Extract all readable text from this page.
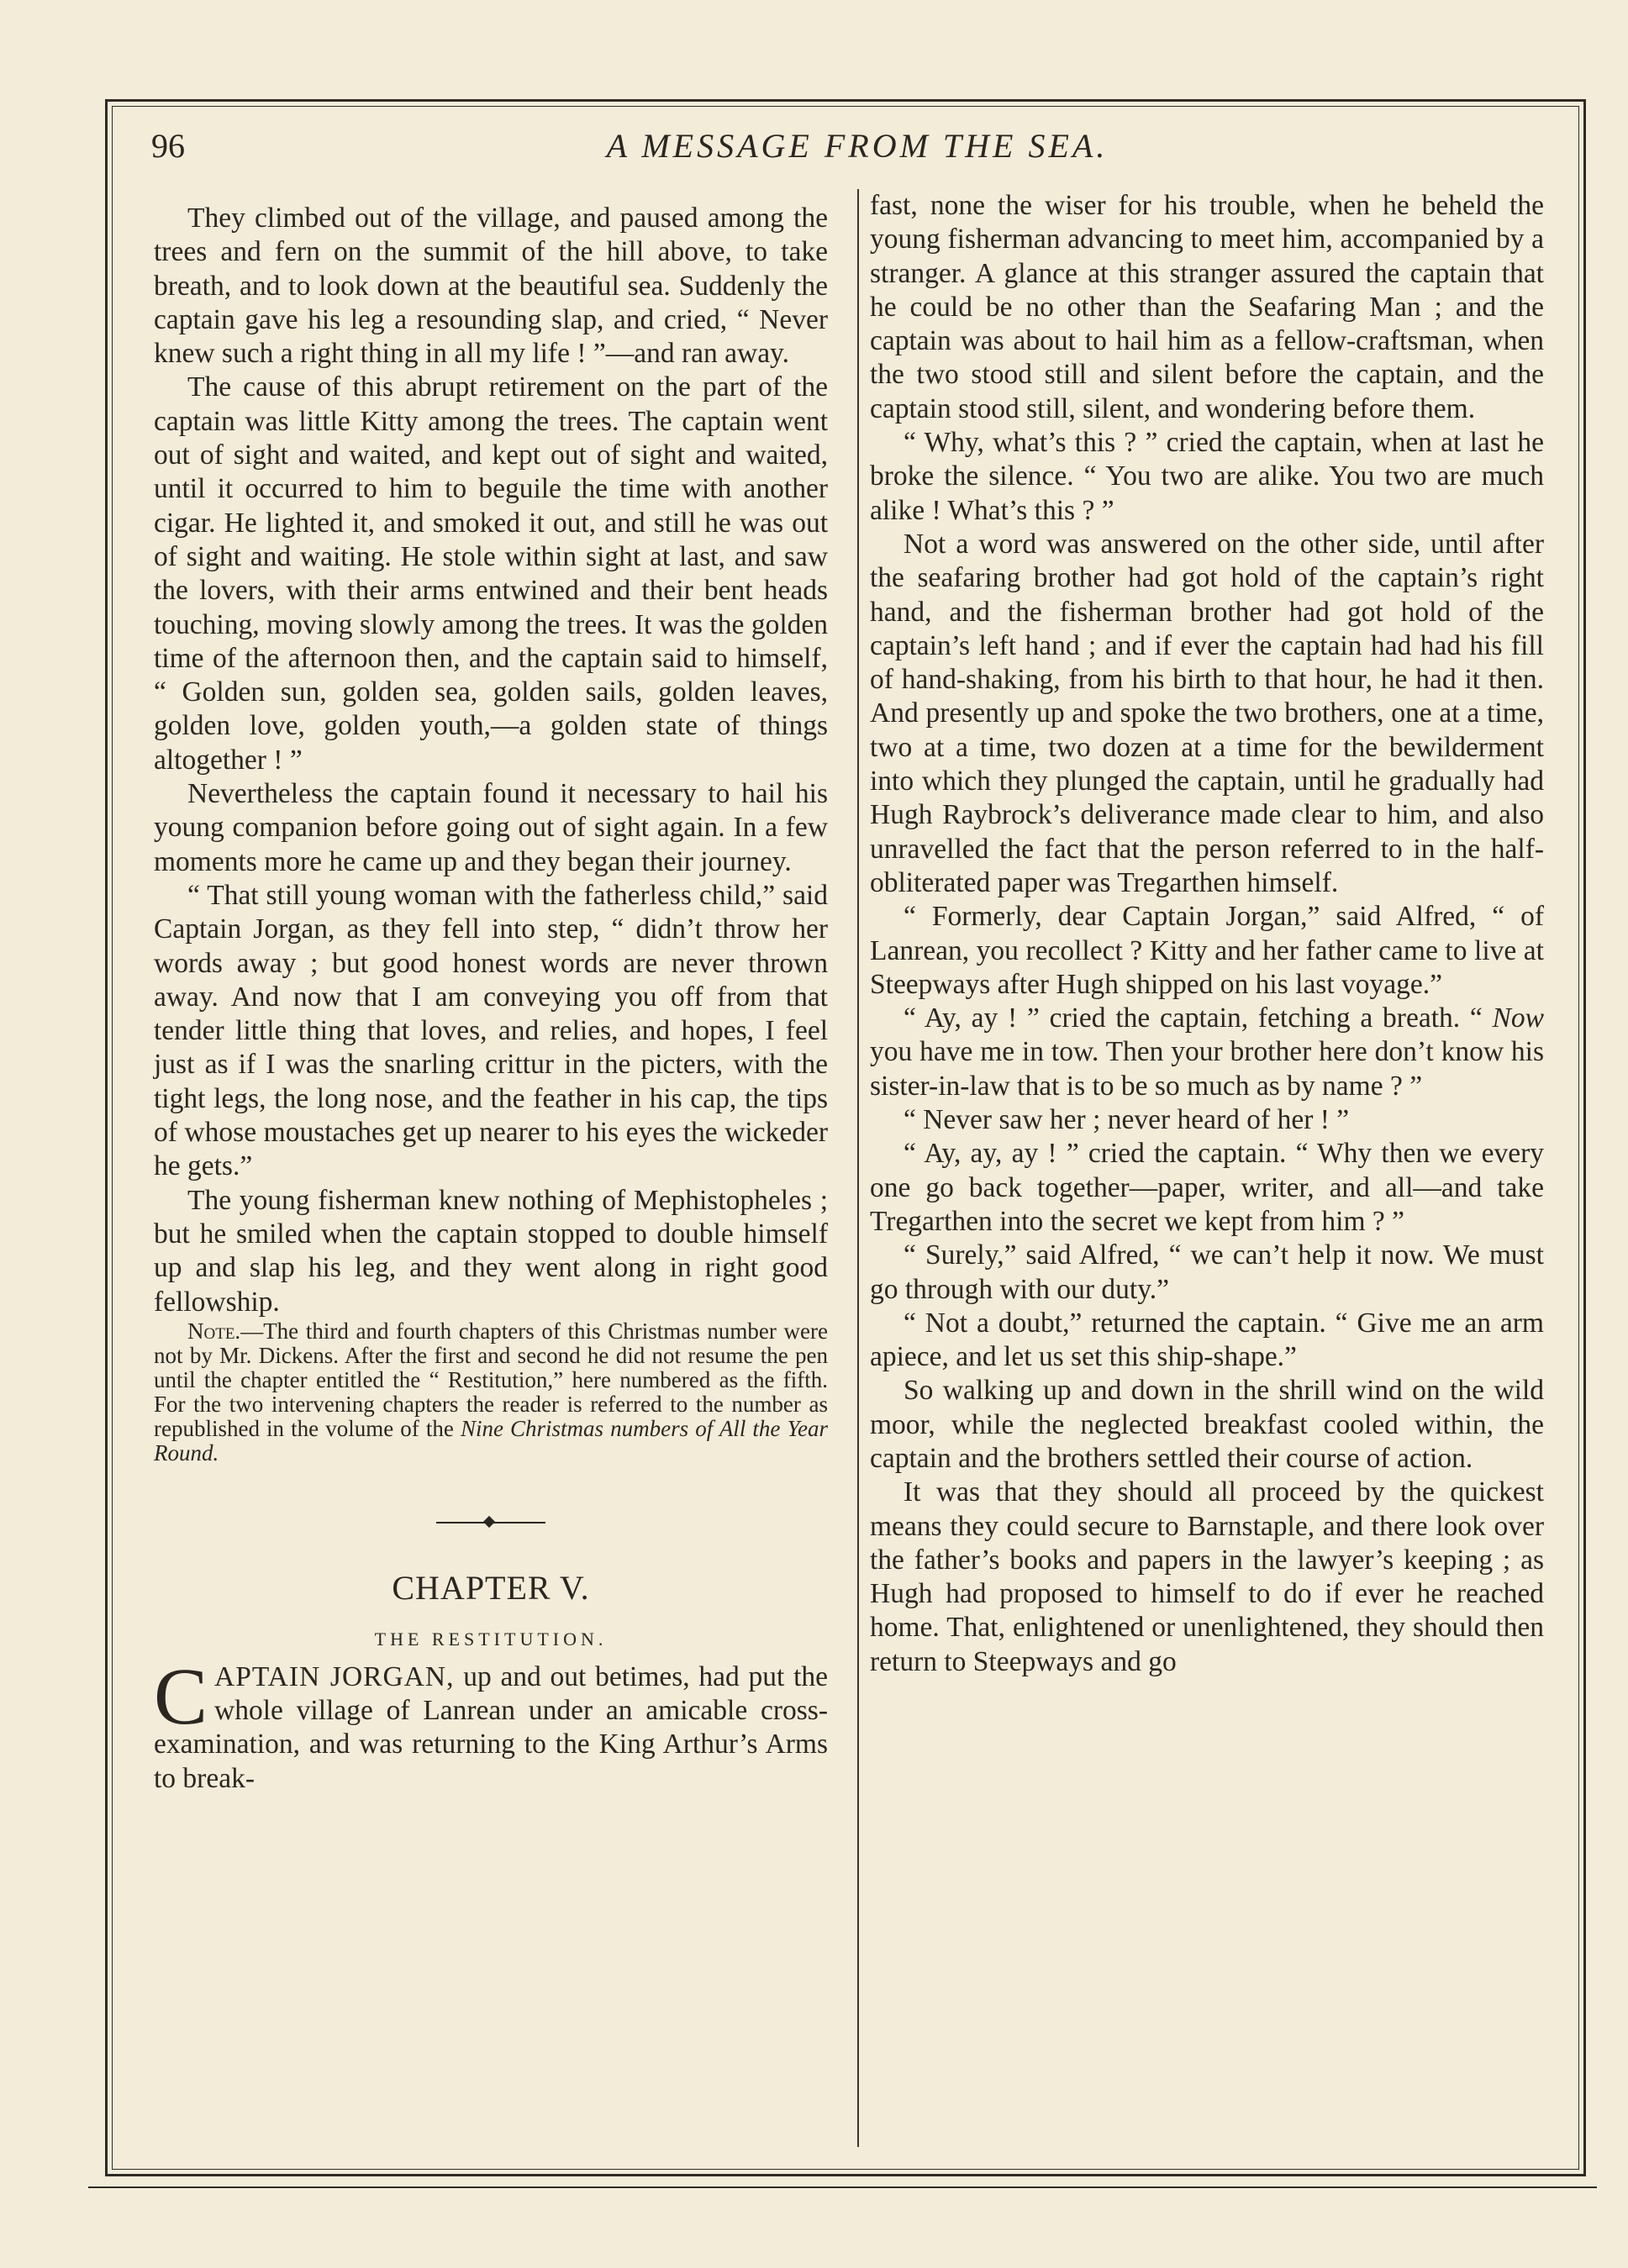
96	A MESSAGE FROM THE SEA.

They climbed out of the village, and paused among the trees and fern on the summit of the hill above, to take breath, and to look down at the beautiful sea. Suddenly the captain gave his leg a resounding slap, and cried, “ Never knew such a right thing in all my life ! ”—and ran away.

The cause of this abrupt retirement on the part of the captain was little Kitty among the trees. The captain went out of sight and waited, and kept out of sight and waited, until it occurred to him to beguile the time with another cigar. He lighted it, and smoked it out, and still he was out of sight and waiting. He stole within sight at last, and saw the lovers, with their arms entwined and their bent heads touching, moving slowly among the trees. It was the golden time of the afternoon then, and the captain said to himself, “ Golden sun, golden sea, golden sails, golden leaves, golden love, golden youth,—a golden state of things altogether ! ”

Nevertheless the captain found it necessary to hail his young companion before going out of sight again. In a few moments more he came up and they began their journey.

“ That still young woman with the fatherless child,” said Captain Jorgan, as they fell into step, “ didn’t throw her words away ; but good honest words are never thrown away. And now that I am conveying you off from that tender little thing that loves, and relies, and hopes, I feel just as if I was the snarling crittur in the picters, with the tight legs, the long nose, and the feather in his cap, the tips of whose moustaches get up nearer to his eyes the wickeder he gets.”

The young fisherman knew nothing of Mephistopheles ; but he smiled when the captain stopped to double himself up and slap his leg, and they went along in right good fellowship.

Note.—The third and fourth chapters of this Christmas number were not by Mr. Dickens. After the first and second he did not resume the pen until the chapter entitled the “ Restitution,” here numbered as the fifth. For the two intervening chapters the reader is referred to the number as republished in the volume of the Nine Christmas numbers of All the Year Round.

CHAPTER V.
THE RESTITUTION.

CAPTAIN JORGAN, up and out betimes, had put the whole village of Lanrean under an amicable cross-examination, and was returning to the King Arthur’s Arms to break-

fast, none the wiser for his trouble, when he beheld the young fisherman advancing to meet him, accompanied by a stranger. A glance at this stranger assured the captain that he could be no other than the Seafaring Man ; and the captain was about to hail him as a fellow-craftsman, when the two stood still and silent before the captain, and the captain stood still, silent, and wondering before them.

“ Why, what’s this ? ” cried the captain, when at last he broke the silence. “ You two are alike. You two are much alike ! What’s this ? ”

Not a word was answered on the other side, until after the seafaring brother had got hold of the captain’s right hand, and the fisherman brother had got hold of the captain’s left hand ; and if ever the captain had had his fill of hand-shaking, from his birth to that hour, he had it then. And presently up and spoke the two brothers, one at a time, two at a time, two dozen at a time for the bewilderment into which they plunged the captain, until he gradually had Hugh Raybrock’s deliverance made clear to him, and also unravelled the fact that the person referred to in the half-obliterated paper was Tregarthen himself.

“ Formerly, dear Captain Jorgan,” said Alfred, “ of Lanrean, you recollect ? Kitty and her father came to live at Steepways after Hugh shipped on his last voyage.”

“ Ay, ay ! ” cried the captain, fetching a breath. “ Now you have me in tow. Then your brother here don’t know his sister-in-law that is to be so much as by name ? ”

“ Never saw her ; never heard of her ! ”

“ Ay, ay, ay ! ” cried the captain. “ Why then we every one go back together—paper, writer, and all—and take Tregarthen into the secret we kept from him ? ”

“ Surely,” said Alfred, “ we can’t help it now. We must go through with our duty.”

“ Not a doubt,” returned the captain. “ Give me an arm apiece, and let us set this ship-shape.”

So walking up and down in the shrill wind on the wild moor, while the neglected breakfast cooled within, the captain and the brothers settled their course of action.

It was that they should all proceed by the quickest means they could secure to Barnstaple, and there look over the father’s books and papers in the lawyer’s keeping ; as Hugh had proposed to himself to do if ever he reached home. That, enlightened or unenlightened, they should then return to Steepways and go
